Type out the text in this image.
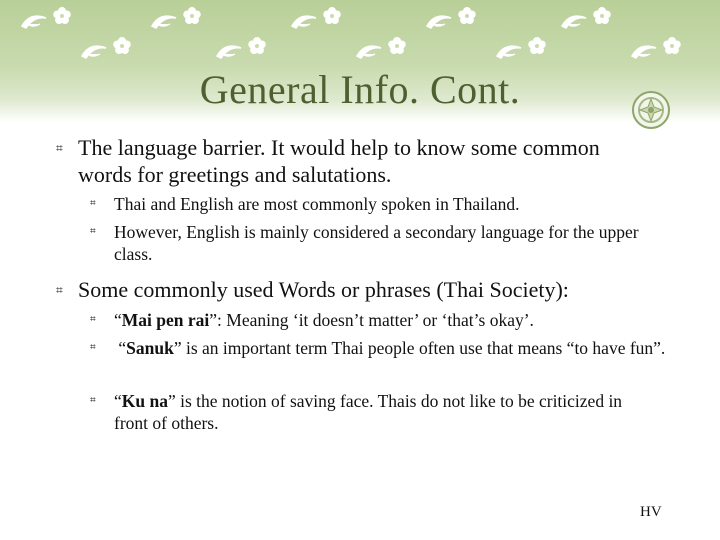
General Info. Cont.
⌗ The language barrier. It would help to know some common words for greetings and salutations.
⌗ Thai and English are most commonly spoken in Thailand.
⌗ However, English is mainly considered a secondary language for the upper class.
⌗ Some commonly used Words or phrases (Thai Society):
⌗ “Mai pen rai”: Meaning ‘it doesn’t matter’ or ‘that’s okay’.
⌗ “Sanuk” is an important term Thai people often use that means “to have fun”.
⌗ “Ku na” is the notion of saving face. Thais do not like to be criticized in front of others.
HV
